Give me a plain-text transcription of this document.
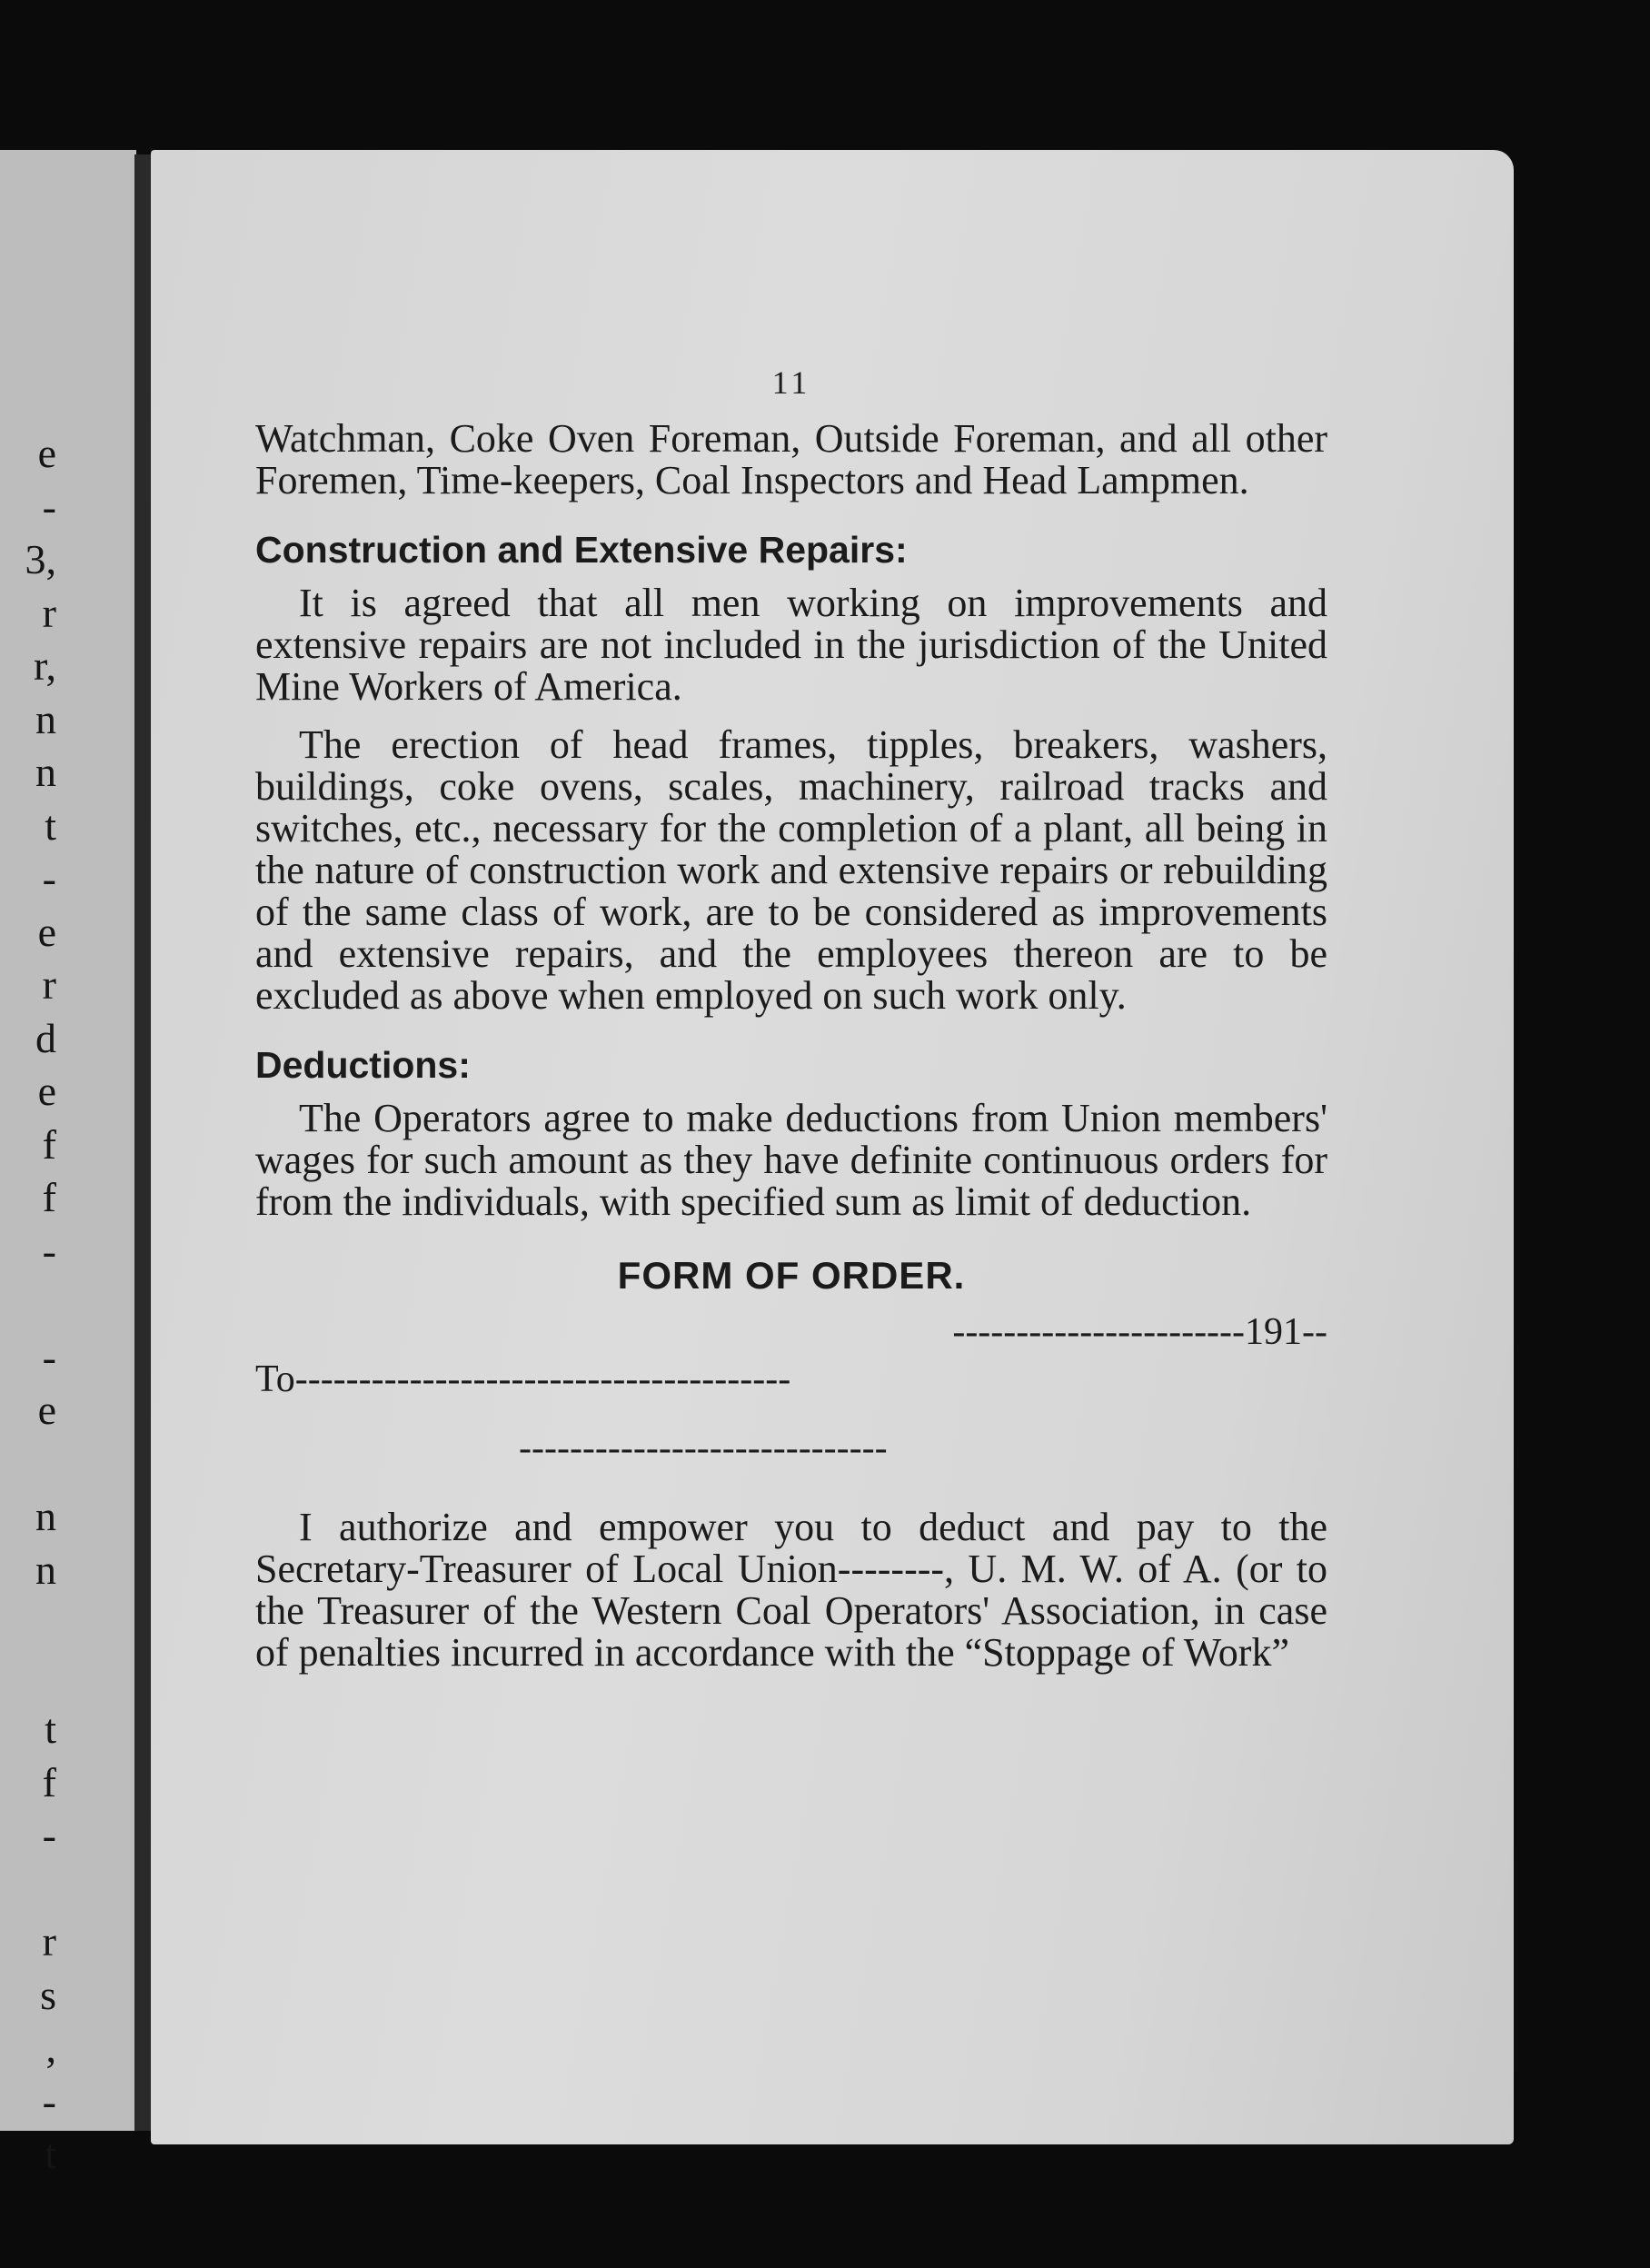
e
-
3,
r
r,
n
n
t
-
e
r
d
e
f
f
-
-
e
n
n
t
f
-
r
s
,
-
t
11

Watchman, Coke Oven Foreman, Outside Foreman, and all other Foremen, Time-keepers, Coal Inspectors and Head Lampmen.

Construction and Extensive Repairs:

It is agreed that all men working on improvements and extensive repairs are not included in the jurisdiction of the United Mine Workers of America.

The erection of head frames, tipples, breakers, washers, buildings, coke ovens, scales, machinery, railroad tracks and switches, etc., necessary for the completion of a plant, all being in the nature of construction work and extensive repairs or rebuilding of the same class of work, are to be considered as improvements and extensive repairs, and the employees thereon are to be excluded as above when employed on such work only.

Deductions:

The Operators agree to make deductions from Union members' wages for such amount as they have definite continuous orders for from the individuals, with specified sum as limit of deduction.

FORM OF ORDER.
-----------------------191--
To---------------------------------------
-----------------------------

I authorize and empower you to deduct and pay to the Secretary-Treasurer of Local Union--------, U. M. W. of A. (or to the Treasurer of the Western Coal Operators' Association, in case of penalties incurred in accordance with the “Stoppage of Work”
